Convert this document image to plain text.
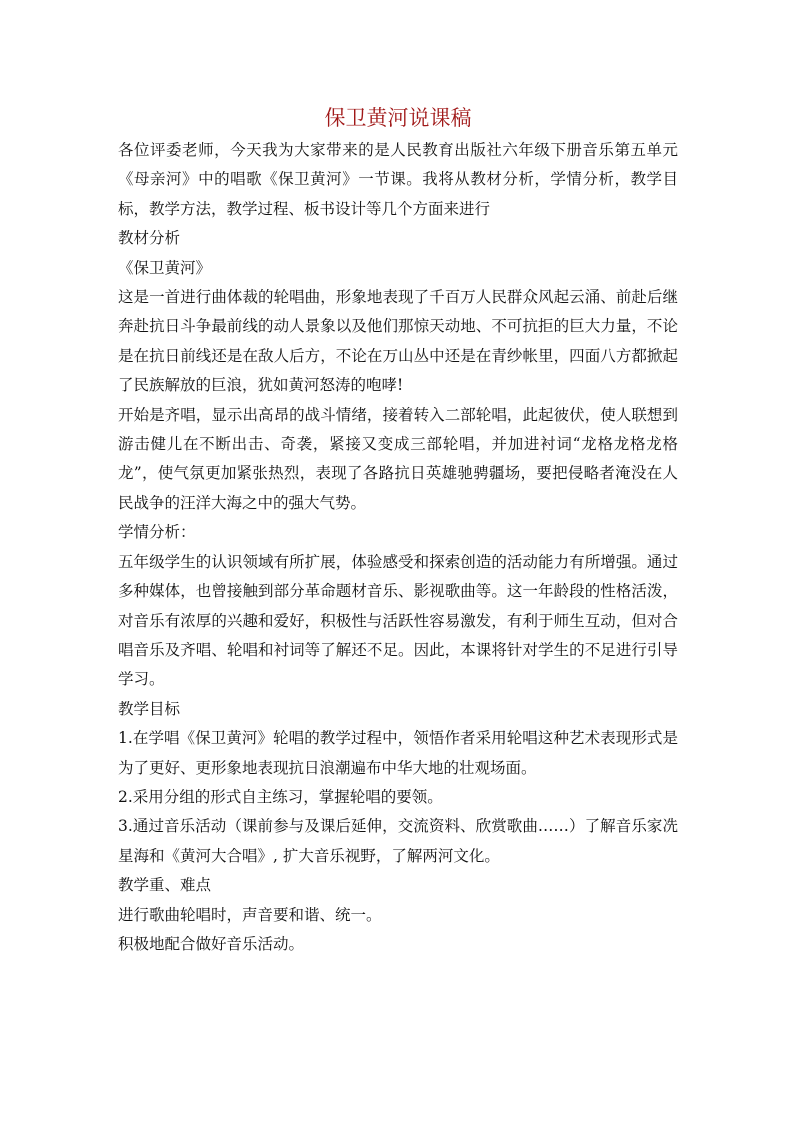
保卫黄河说课稿

各位评委老师，今天我为大家带来的是人民教育出版社六年级下册音乐第五单元《母亲河》中的唱歌《保卫黄河》一节课。我将从教材分析，学情分析，教学目标，教学方法，教学过程、板书设计等几个方面来进行

教材分析

《保卫黄河》

这是一首进行曲体裁的轮唱曲，形象地表现了千百万人民群众风起云涌、前赴后继奔赴抗日斗争最前线的动人景象以及他们那惊天动地、不可抗拒的巨大力量，不论是在抗日前线还是在敌人后方，不论在万山丛中还是在青纱帐里，四面八方都掀起了民族解放的巨浪，犹如黄河怒涛的咆哮!

开始是齐唱，显示出高昂的战斗情绪，接着转入二部轮唱，此起彼伏，使人联想到游击健儿在不断出击、奇袭，紧接又变成三部轮唱，并加进衬词“龙格龙格龙格龙”，使气氛更加紧张热烈，表现了各路抗日英雄驰骋疆场，要把侵略者淹没在人民战争的汪洋大海之中的强大气势。

学情分析：

五年级学生的认识领域有所扩展，体验感受和探索创造的活动能力有所增强。通过多种媒体，也曾接触到部分革命题材音乐、影视歌曲等。这一年龄段的性格活泼，对音乐有浓厚的兴趣和爱好，积极性与活跃性容易激发，有利于师生互动，但对合唱音乐及齐唱、轮唱和衬词等了解还不足。因此，本课将针对学生的不足进行引导学习。

教学目标

1.在学唱《保卫黄河》轮唱的教学过程中，领悟作者采用轮唱这种艺术表现形式是为了更好、更形象地表现抗日浪潮遍布中华大地的壮观场面。

2.采用分组的形式自主练习，掌握轮唱的要领。

3.通过音乐活动（课前参与及课后延伸，交流资料、欣赏歌曲……）了解音乐家冼星海和《黄河大合唱》, 扩大音乐视野，了解两河文化。

教学重、难点

进行歌曲轮唱时，声音要和谐、统一。

积极地配合做好音乐活动。
